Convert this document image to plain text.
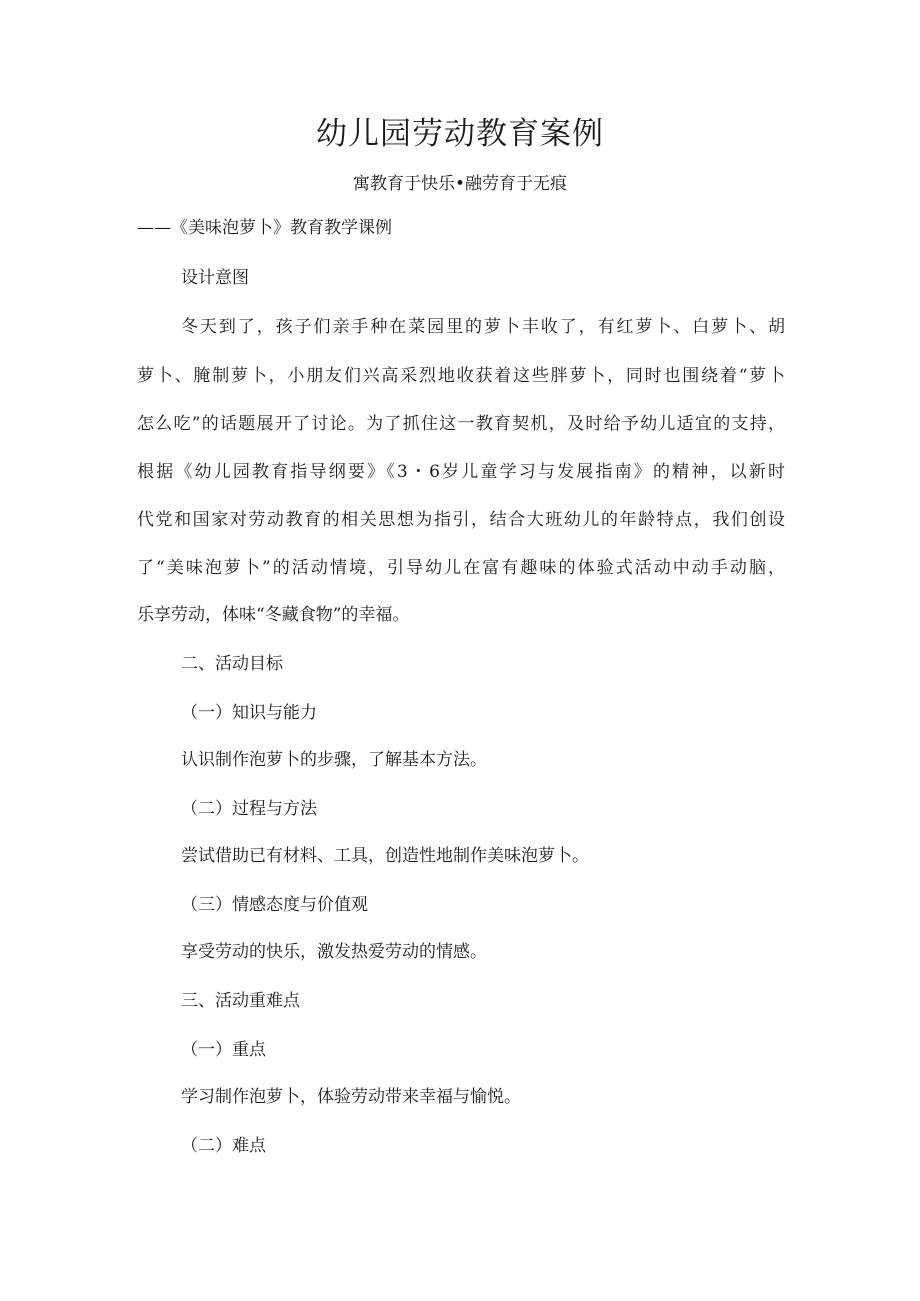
幼儿园劳动教育案例
寓教育于快乐•融劳育于无痕
——《美味泡萝卜》教育教学课例
设计意图
冬天到了，孩子们亲手种在菜园里的萝卜丰收了，有红萝卜、白萝卜、胡
萝卜、腌制萝卜，小朋友们兴高采烈地收获着这些胖萝卜，同时也围绕着“萝卜
怎么吃”的话题展开了讨论。为了抓住这一教育契机，及时给予幼儿适宜的支持，
根据《幼儿园教育指导纲要》《3・6岁儿童学习与发展指南》的精神，以新时
代党和国家对劳动教育的相关思想为指引，结合大班幼儿的年龄特点，我们创设
了“美味泡萝卜”的活动情境，引导幼儿在富有趣味的体验式活动中动手动脑，
乐享劳动，体味“冬藏食物”的幸福。
二、活动目标
（一）知识与能力
认识制作泡萝卜的步骤，了解基本方法。
（二）过程与方法
尝试借助已有材料、工具，创造性地制作美味泡萝卜。
（三）情感态度与价值观
享受劳动的快乐，激发热爱劳动的情感。
三、活动重难点
（一）重点
学习制作泡萝卜，体验劳动带来幸福与愉悦。
（二）难点
